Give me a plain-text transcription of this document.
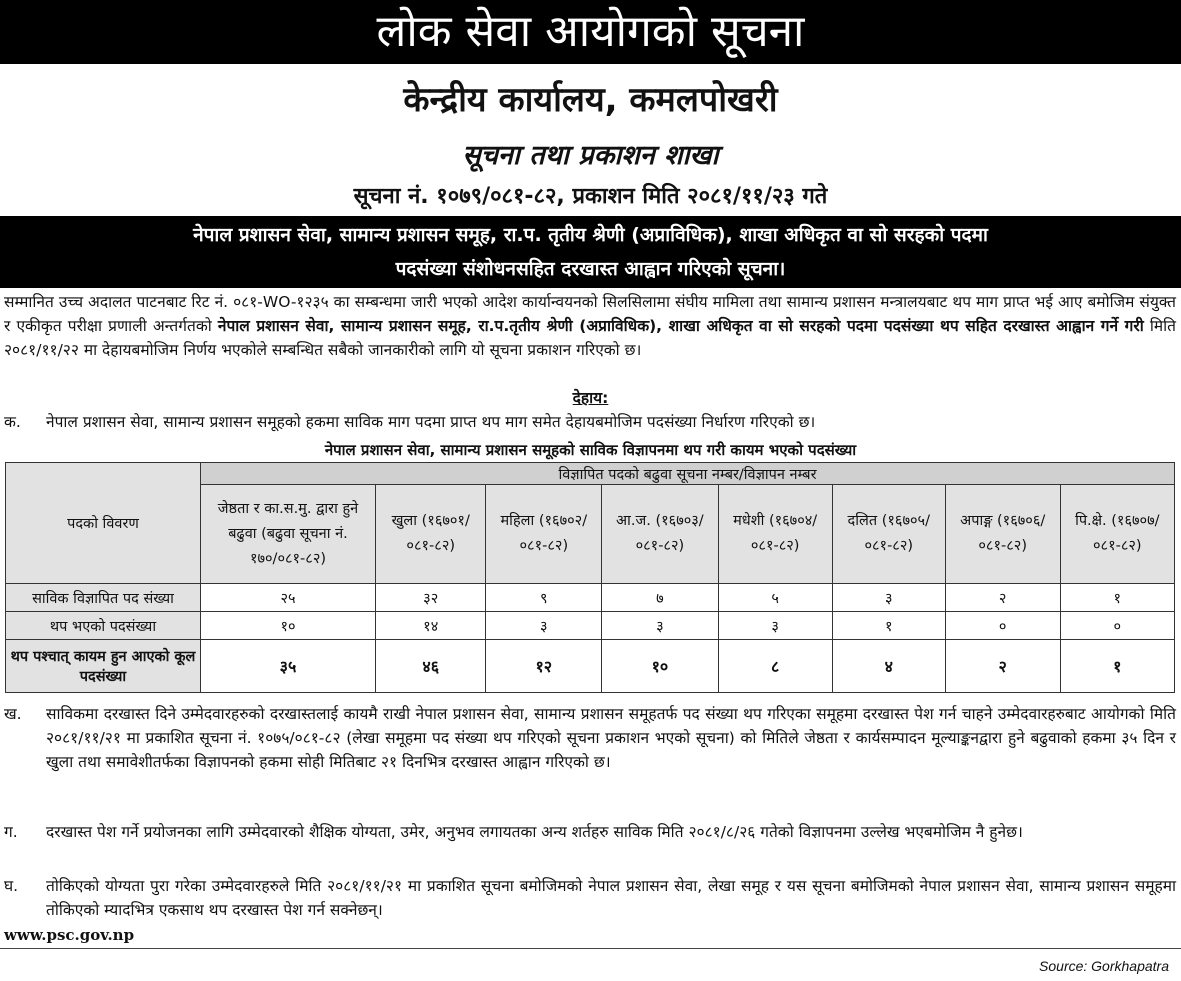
लोक सेवा आयोगको सूचना
केन्द्रीय कार्यालय, कमलपोखरी
सूचना तथा प्रकाशन शाखा
सूचना नं. १०७९/०८१-८२, प्रकाशन मिति २०८१/११/२३ गते
नेपाल प्रशासन सेवा, सामान्य प्रशासन समूह, रा.प. तृतीय श्रेणी (अप्राविधिक), शाखा अधिकृत वा सो सरहको पदमा
पदसंख्या संशोधनसहित दरखास्त आह्वान गरिएको सूचना।
सम्मानित उच्च अदालत पाटनबाट रिट नं. ०८१-WO-१२३५ का सम्बन्धमा जारी भएको आदेश कार्यान्वयनको सिलसिलामा संघीय मामिला तथा सामान्य प्रशासन मन्त्रालयबाट थप माग प्राप्त भई आए बमोजिम संयुक्त र एकीकृत परीक्षा प्रणाली अन्तर्गतको नेपाल प्रशासन सेवा, सामान्य प्रशासन समूह, रा.प.तृतीय श्रेणी (अप्राविधिक), शाखा अधिकृत वा सो सरहको पदमा पदसंख्या थप सहित दरखास्त आह्वान गर्ने गरी मिति २०८१/११/२२ मा देहायबमोजिम निर्णय भएकोले सम्बन्धित सबैको जानकारीको लागि यो सूचना प्रकाशन गरिएको छ।
देहाय:
क.	नेपाल प्रशासन सेवा, सामान्य प्रशासन समूहको हकमा साविक माग पदमा प्राप्त थप माग समेत देहायबमोजिम पदसंख्या निर्धारण गरिएको छ।
नेपाल प्रशासन सेवा, सामान्य प्रशासन समूहको साविक विज्ञापनमा थप गरी कायम भएको पदसंख्या
पदको विवरण	विज्ञापित पदको बढुवा सूचना नम्बर/विज्ञापन नम्बर							
	जेष्ठता र का.स.मु. द्वारा हुने बढुवा (बढुवा सूचना नं. १७०/०८१-८२)	खुला (१६७०१/ ०८१-८२)	महिला (१६७०२/ ०८१-८२)	आ.ज. (१६७०३/ ०८१-८२)	मधेशी (१६७०४/ ०८१-८२)	दलित (१६७०५/ ०८१-८२)	अपाङ्ग (१६७०६/ ०८१-८२)	पि.क्षे. (१६७०७/ ०८१-८२)
साविक विज्ञापित पद संख्या	२५	३२	९	७	५	३	२	१
थप भएको पदसंख्या	१०	१४	३	३	३	१	०	०
थप पश्चात् कायम हुन आएको कूल पदसंख्या	३५	४६	१२	१०	८	४	२	१
ख.	साविकमा दरखास्त दिने उम्मेदवारहरुको दरखास्तलाई कायमै राखी नेपाल प्रशासन सेवा, सामान्य प्रशासन समूहतर्फ पद संख्या थप गरिएका समूहमा दरखास्त पेश गर्न चाहने उम्मेदवारहरुबाट आयोगको मिति २०८१/११/२१ मा प्रकाशित सूचना नं. १०७५/०८१-८२ (लेखा समूहमा पद संख्या थप गरिएको सूचना प्रकाशन भएको सूचना) को मितिले जेष्ठता र कार्यसम्पादन मूल्याङ्कनद्वारा हुने बढुवाको हकमा ३५ दिन र खुला तथा समावेशीतर्फका विज्ञापनको हकमा सोही मितिबाट २१ दिनभित्र दरखास्त आह्वान गरिएको छ।
ग.	दरखास्त पेश गर्ने प्रयोजनका लागि उम्मेदवारको शैक्षिक योग्यता, उमेर, अनुभव लगायतका अन्य शर्तहरु साविक मिति २०८१/८/२६ गतेको विज्ञापनमा उल्लेख भएबमोजिम नै हुनेछ।
घ.	तोकिएको योग्यता पुरा गरेका उम्मेदवारहरुले मिति २०८१/११/२१ मा प्रकाशित सूचना बमोजिमको नेपाल प्रशासन सेवा, लेखा समूह र यस सूचना बमोजिमको नेपाल प्रशासन सेवा, सामान्य प्रशासन समूहमा तोकिएको म्यादभित्र एकसाथ थप दरखास्त पेश गर्न सक्नेछन्।
www.psc.gov.np
Source: Gorkhapatra
